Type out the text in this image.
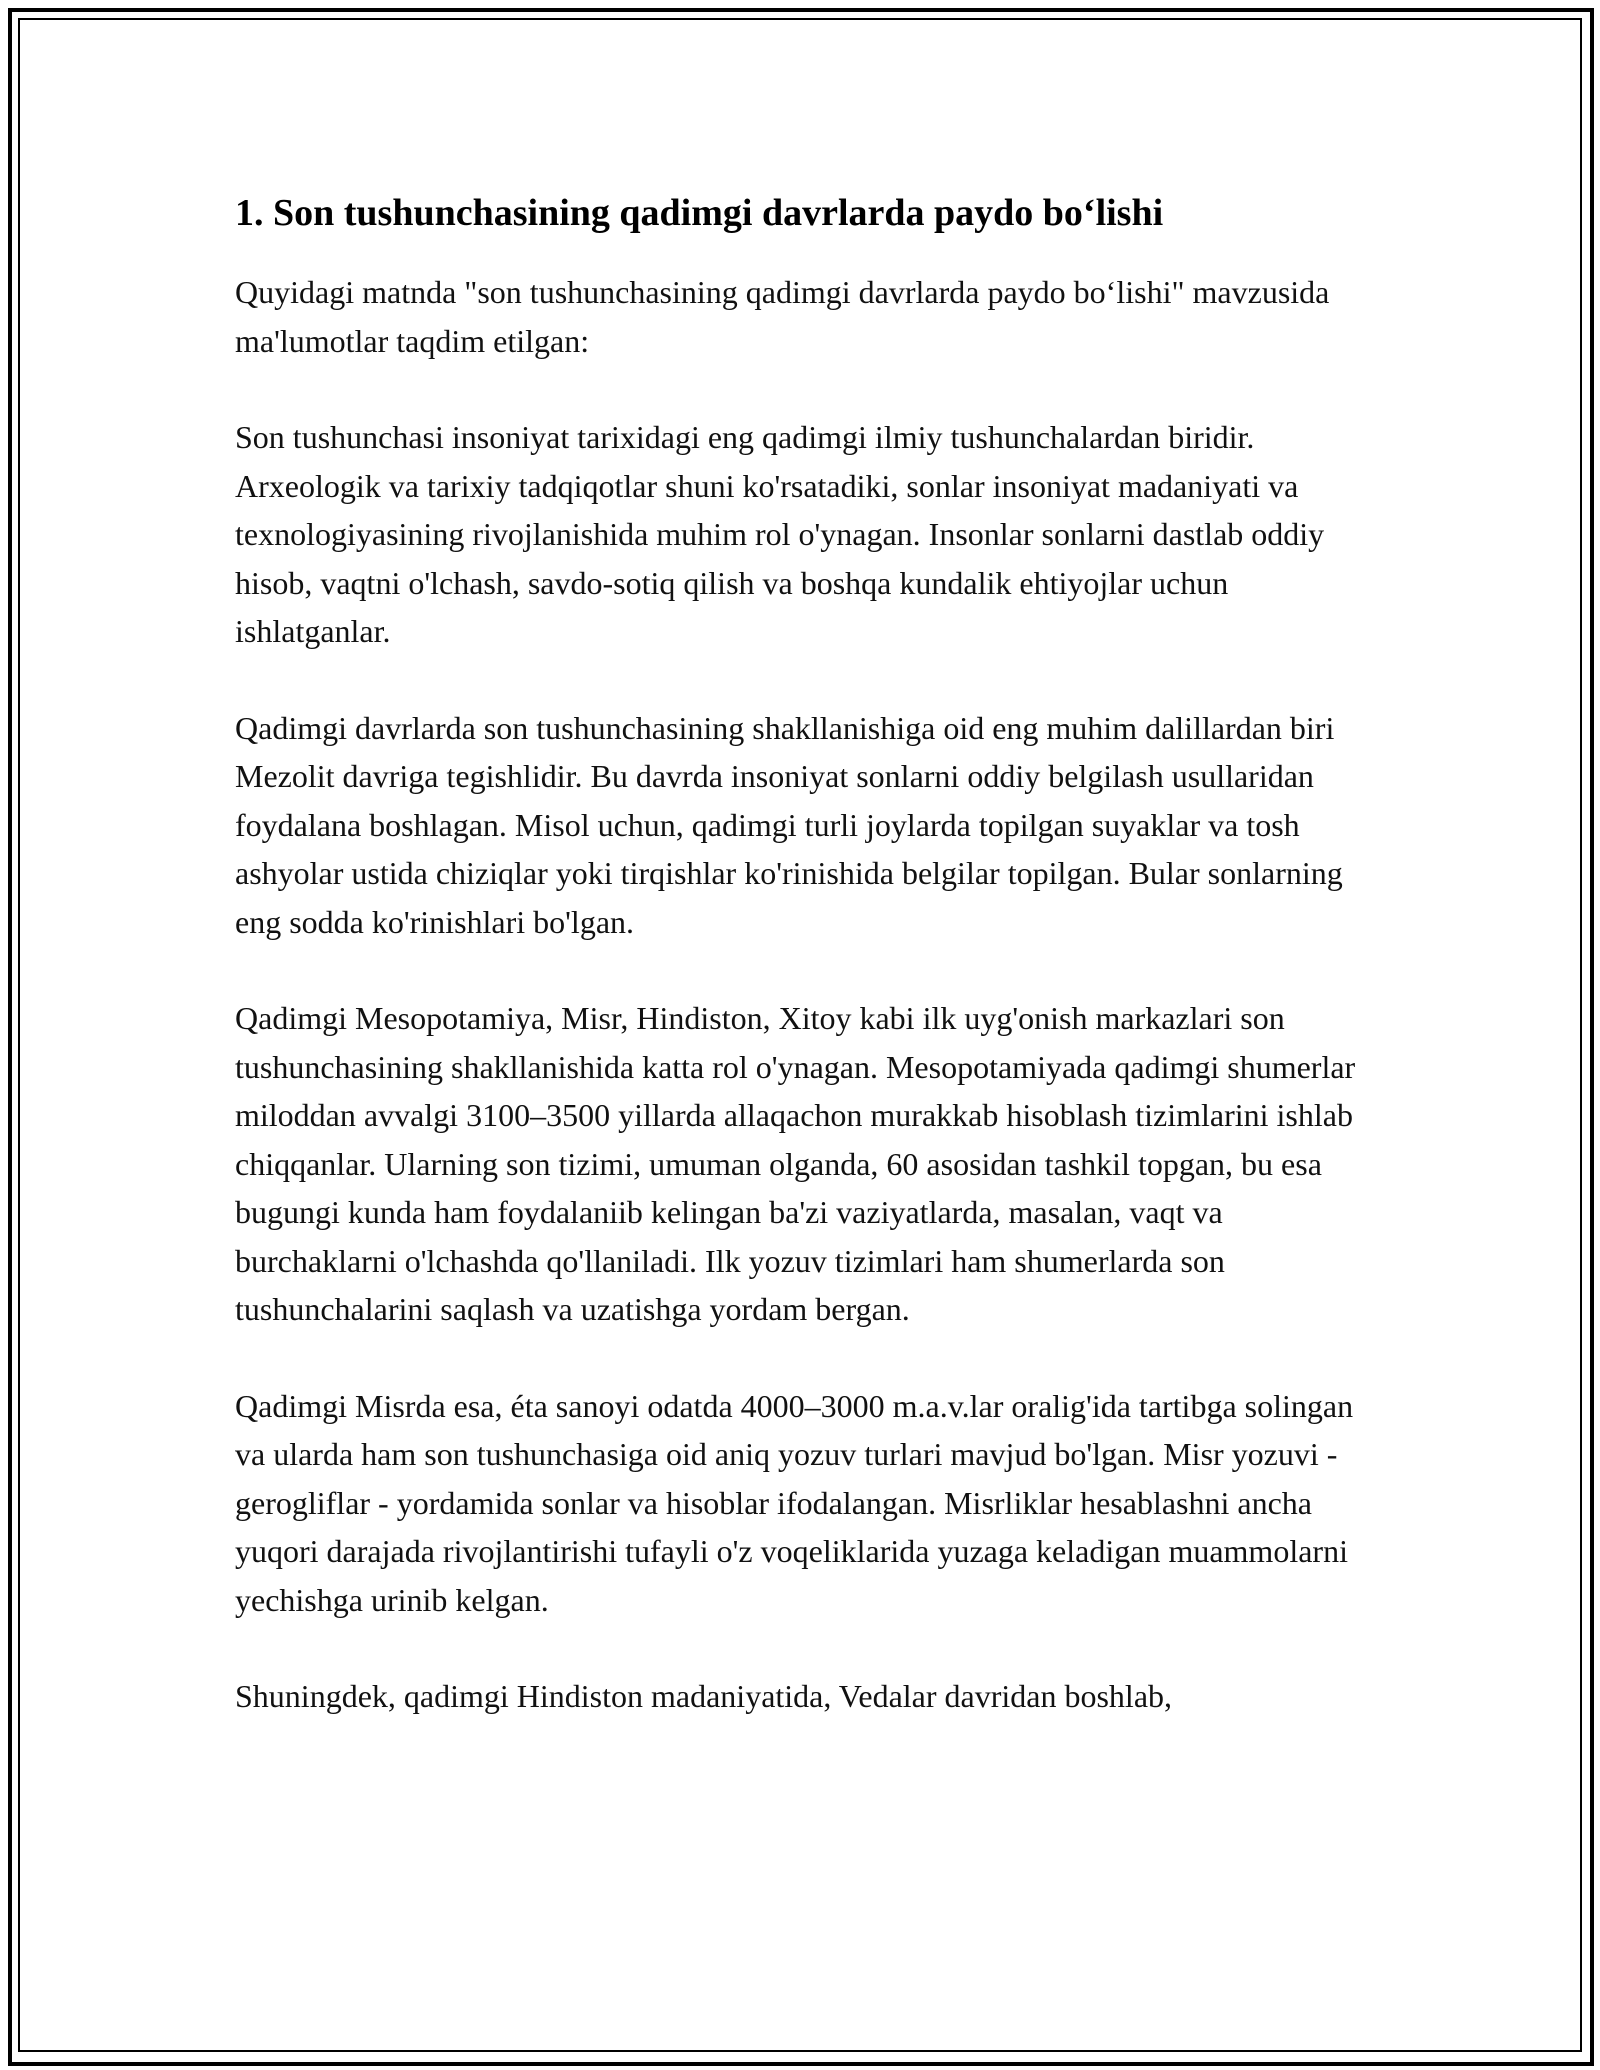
1. Son tushunchasining qadimgi davrlarda paydo bo‘lishi

Quyidagi matnda "son tushunchasining qadimgi davrlarda paydo bo‘lishi" mavzusida ma'lumotlar taqdim etilgan:

Son tushunchasi insoniyat tarixidagi eng qadimgi ilmiy tushunchalardan biridir. Arxeologik va tarixiy tadqiqotlar shuni ko'rsatadiki, sonlar insoniyat madaniyati va texnologiyasining rivojlanishida muhim rol o'ynagan. Insonlar sonlarni dastlab oddiy hisob, vaqtni o'lchash, savdo-sotiq qilish va boshqa kundalik ehtiyojlar uchun ishlatganlar.

Qadimgi davrlarda son tushunchasining shakllanishiga oid eng muhim dalillardan biri Mezolit davriga tegishlidir. Bu davrda insoniyat sonlarni oddiy belgilash usullaridan foydalana boshlagan. Misol uchun, qadimgi turli joylarda topilgan suyaklar va tosh ashyolar ustida chiziqlar yoki tirqishlar ko'rinishida belgilar topilgan. Bular sonlarning eng sodda ko'rinishlari bo'lgan.

Qadimgi Mesopotamiya, Misr, Hindiston, Xitoy kabi ilk uyg'onish markazlari son tushunchasining shakllanishida katta rol o'ynagan. Mesopotamiyada qadimgi shumerlar miloddan avvalgi 3100–3500 yillarda allaqachon murakkab hisoblash tizimlarini ishlab chiqqanlar. Ularning son tizimi, umuman olganda, 60 asosidan tashkil topgan, bu esa bugungi kunda ham foydalaniib kelingan ba'zi vaziyatlarda, masalan, vaqt va burchaklarni o'lchashda qo'llaniladi. Ilk yozuv tizimlari ham shumerlarda son tushunchalarini saqlash va uzatishga yordam bergan.

Qadimgi Misrda esa, éta sanoyi odatda 4000–3000 m.a.v.lar oralig'ida tartibga solingan va ularda ham son tushunchasiga oid aniq yozuv turlari mavjud bo'lgan. Misr yozuvi - gerogliflar - yordamida sonlar va hisoblar ifodalangan. Misrliklar hesablashni ancha yuqori darajada rivojlantirishi tufayli o'z voqeliklarida yuzaga keladigan muammolarni yechishga urinib kelgan.

Shuningdek, qadimgi Hindiston madaniyatida, Vedalar davridan boshlab,
